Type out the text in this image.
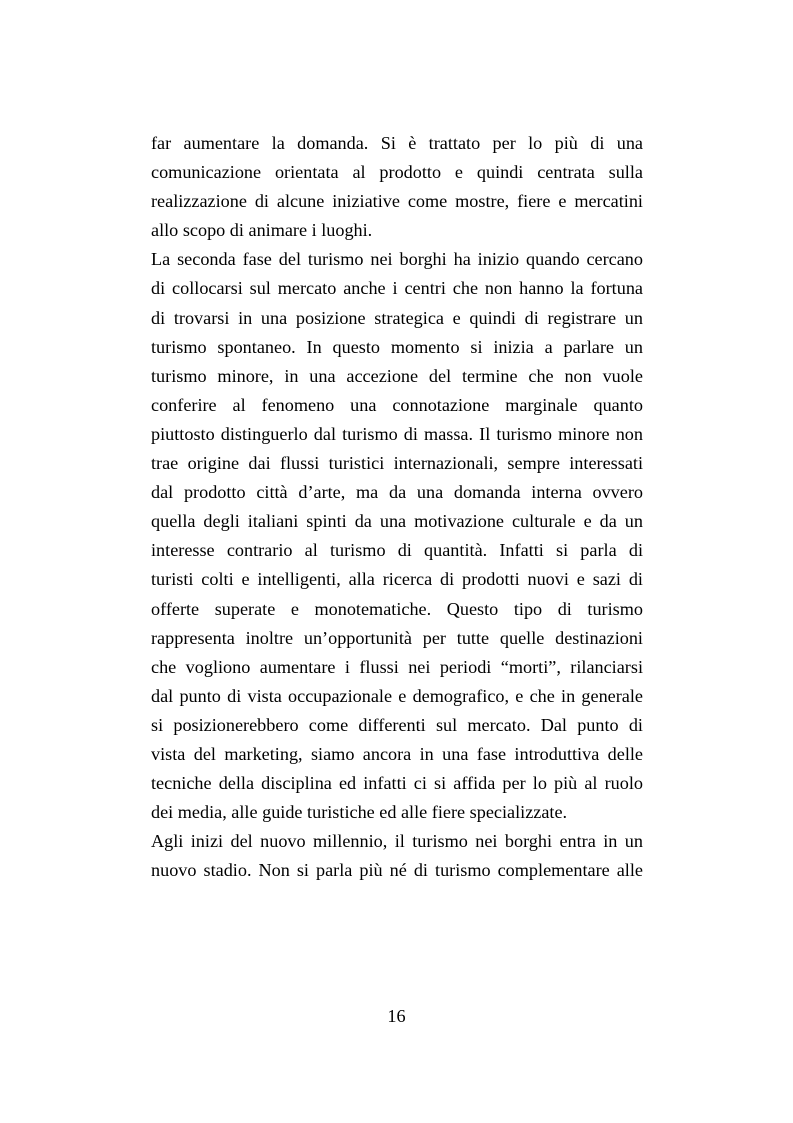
far aumentare la domanda. Si è trattato per lo più di una
comunicazione orientata al prodotto e quindi centrata sulla
realizzazione di alcune iniziative come mostre, fiere e mercatini
allo scopo di animare i luoghi.
La seconda fase del turismo nei borghi ha inizio quando cercano
di collocarsi sul mercato anche i centri che non hanno la fortuna
di trovarsi in una posizione strategica e quindi di registrare un
turismo spontaneo. In questo momento si inizia a parlare un
turismo minore, in una accezione del termine che non vuole
conferire al fenomeno una connotazione marginale quanto
piuttosto distinguerlo dal turismo di massa. Il turismo minore non
trae origine dai flussi turistici internazionali, sempre interessati
dal prodotto città d’arte, ma da una domanda interna ovvero
quella degli italiani spinti da una motivazione culturale e da un
interesse contrario al turismo di quantità. Infatti si parla di
turisti colti e intelligenti, alla ricerca di prodotti nuovi e sazi di
offerte superate e monotematiche. Questo tipo di turismo
rappresenta inoltre un’opportunità per tutte quelle destinazioni
che vogliono aumentare i flussi nei periodi “morti”, rilanciarsi
dal punto di vista occupazionale e demografico, e che in generale
si posizionerebbero come differenti sul mercato. Dal punto di
vista del marketing, siamo ancora in una fase introduttiva delle
tecniche della disciplina ed infatti ci si affida per lo più al ruolo
dei media, alle guide turistiche ed alle fiere specializzate.
Agli inizi del nuovo millennio, il turismo nei borghi entra in un
nuovo stadio. Non si parla più né di turismo complementare alle
16
